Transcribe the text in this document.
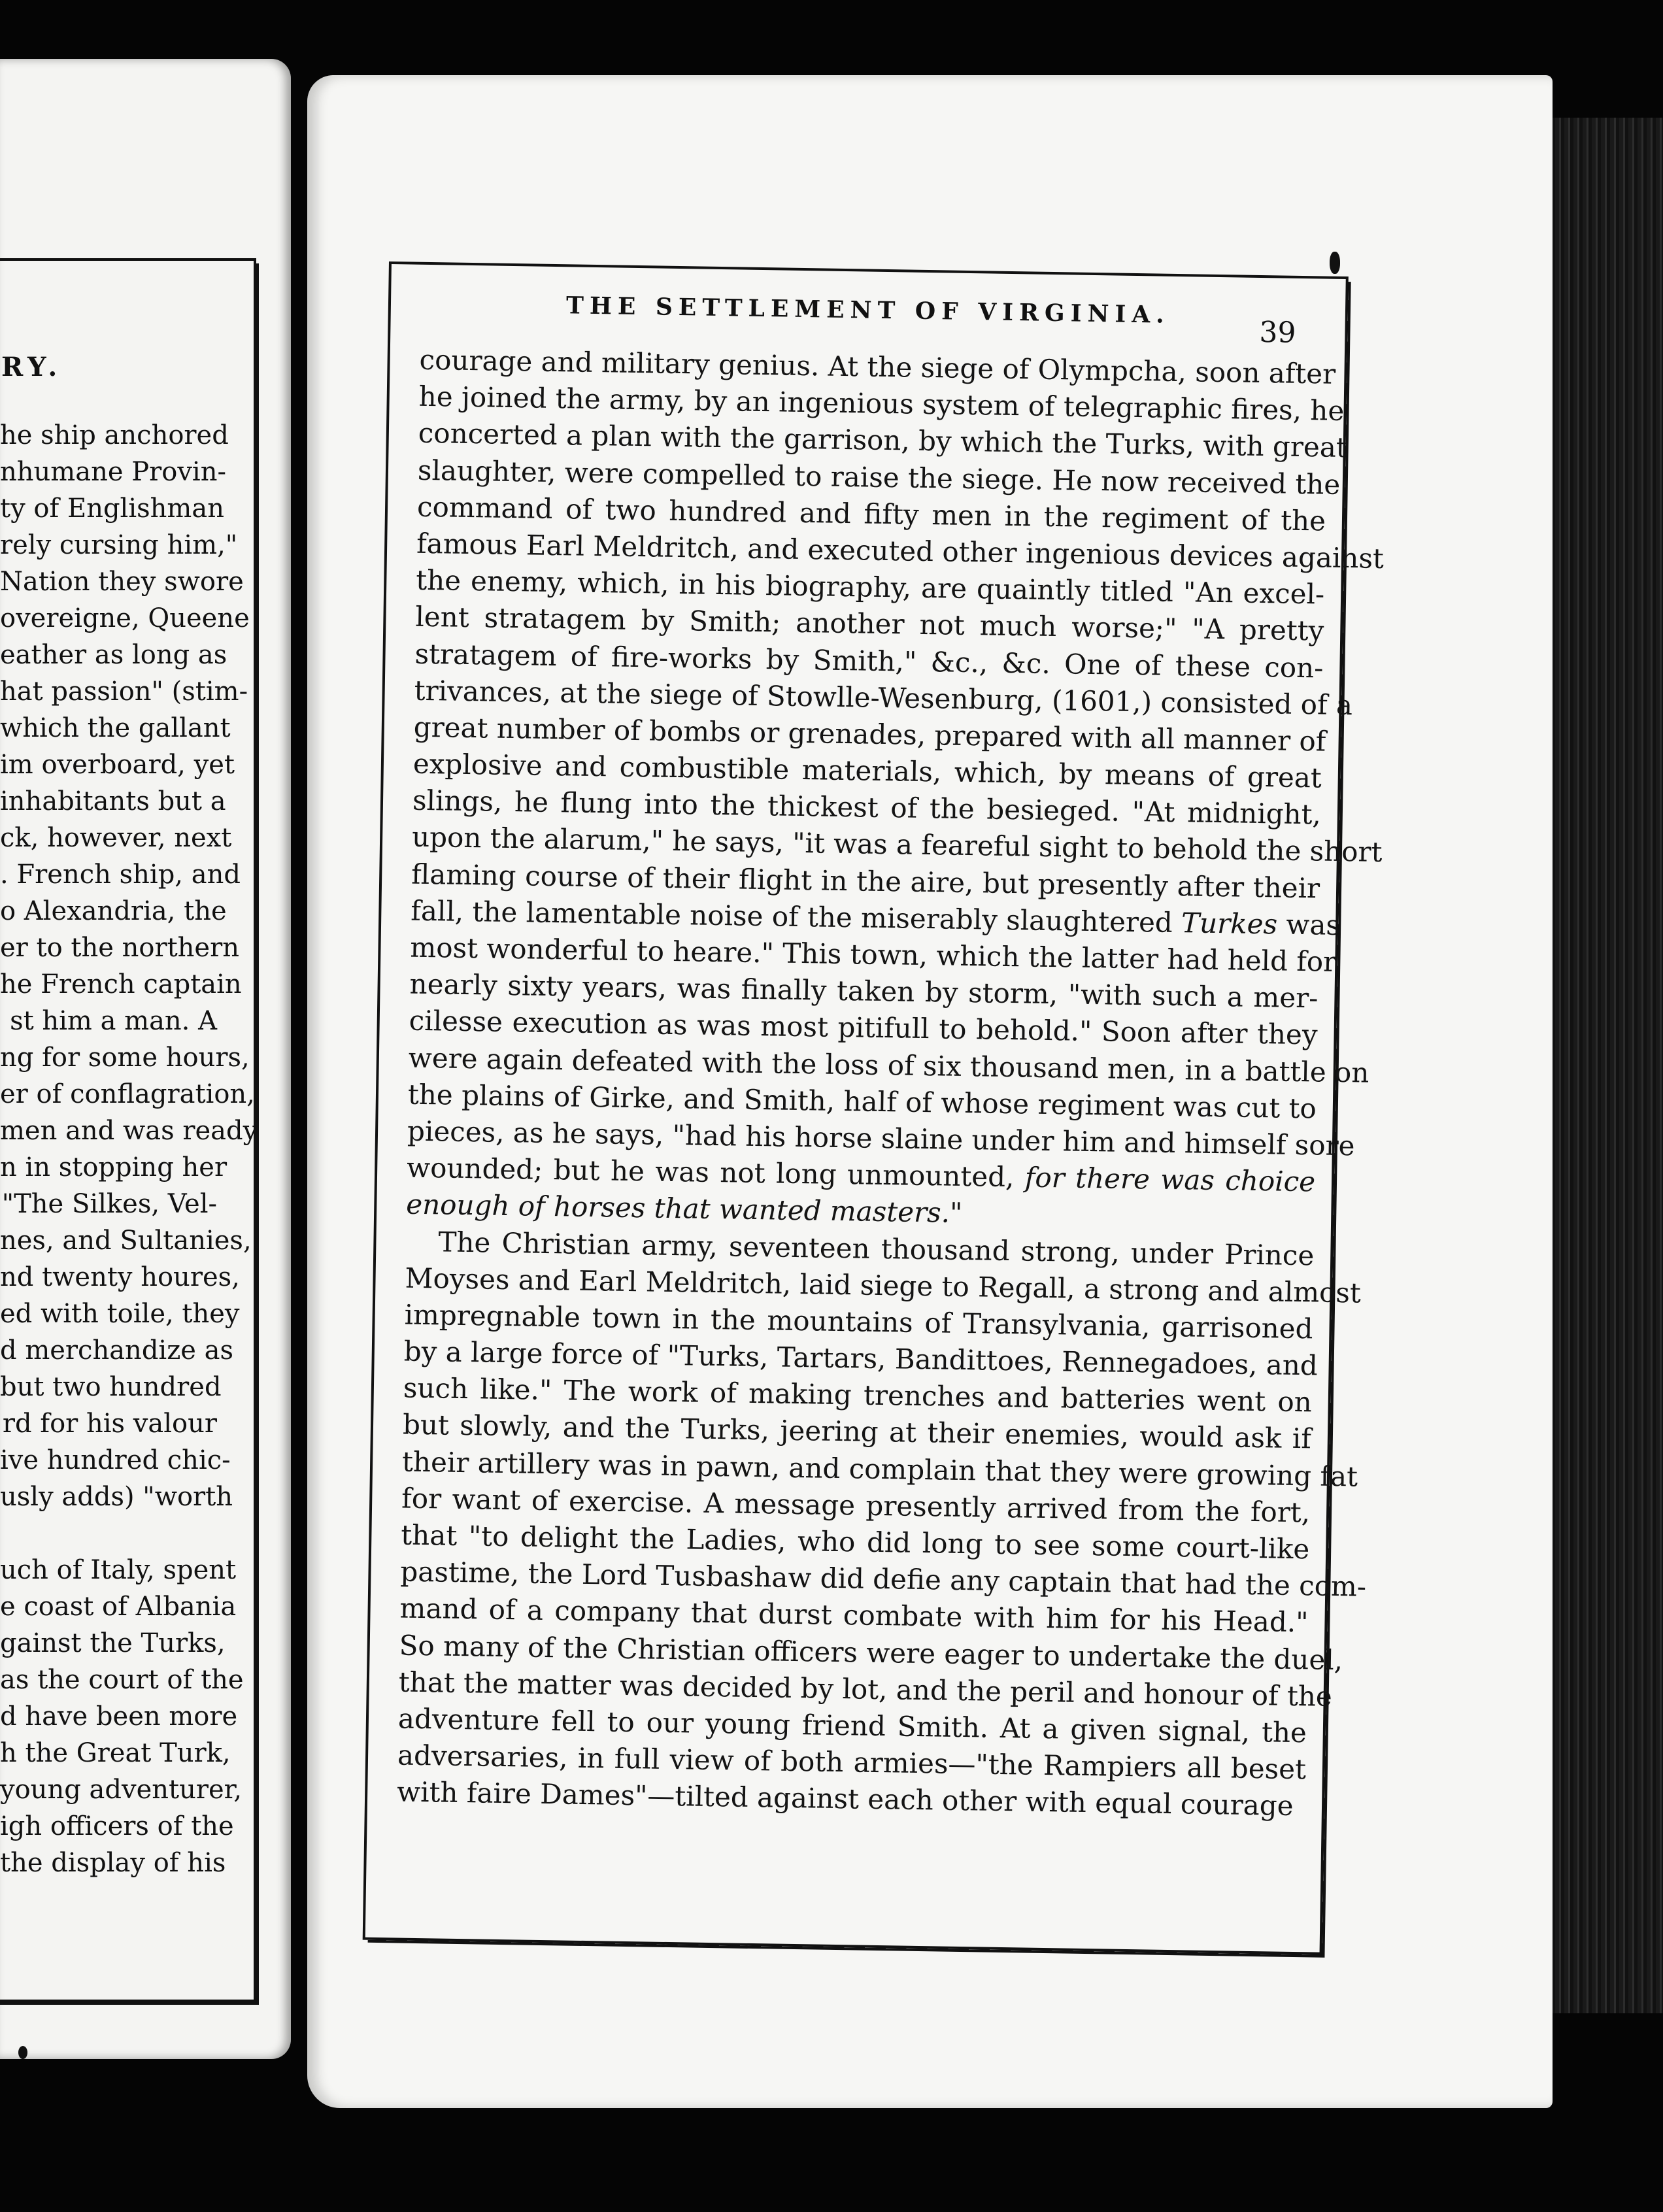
RY.
he ship anchored
nhumane Provin-
ty of Englishman
rely cursing him,"
Nation they swore
overeigne, Queene
eather as long as
hat passion" (stim-
which the gallant
im overboard, yet
inhabitants but a
ck, however, next
. French ship, and
o Alexandria, the
er to the northern
he French captain
st him a man. A
ng for some hours,
er of conflagration,
men and was ready
n in stopping her
"The Silkes, Vel-
nes, and Sultanies,
nd twenty houres,
ed with toile, they
d merchandize as
but two hundred
rd for his valour
ive hundred chic-
usly adds) "worth
uch of Italy, spent
e coast of Albania
gainst the Turks,
as the court of the
d have been more
h the Great Turk,
young adventurer,
igh officers of the
the display of his
THE SETTLEMENT OF VIRGINIA.
39
courage and military genius. At the siege of Olympcha, soon after
he joined the army, by an ingenious system of telegraphic fires, he
concerted a plan with the garrison, by which the Turks, with great
slaughter, were compelled to raise the siege. He now received the
command of two hundred and fifty men in the regiment of the
famous Earl Meldritch, and executed other ingenious devices against
the enemy, which, in his biography, are quaintly titled "An excel-
lent stratagem by Smith; another not much worse;" "A pretty
stratagem of fire-works by Smith," &c., &c. One of these con-
trivances, at the siege of Stowlle-Wesenburg, (1601,) consisted of a
great number of bombs or grenades, prepared with all manner of
explosive and combustible materials, which, by means of great
slings, he flung into the thickest of the besieged. "At midnight,
upon the alarum," he says, "it was a feareful sight to behold the short
flaming course of their flight in the aire, but presently after their
fall, the lamentable noise of the miserably slaughtered Turkes was
most wonderful to heare." This town, which the latter had held for
nearly sixty years, was finally taken by storm, "with such a mer-
cilesse execution as was most pitifull to behold." Soon after they
were again defeated with the loss of six thousand men, in a battle on
the plains of Girke, and Smith, half of whose regiment was cut to
pieces, as he says, "had his horse slaine under him and himself sore
wounded; but he was not long unmounted, for there was choice
enough of horses that wanted masters."
The Christian army, seventeen thousand strong, under Prince
Moyses and Earl Meldritch, laid siege to Regall, a strong and almost
impregnable town in the mountains of Transylvania, garrisoned
by a large force of "Turks, Tartars, Bandittoes, Rennegadoes, and
such like." The work of making trenches and batteries went on
but slowly, and the Turks, jeering at their enemies, would ask if
their artillery was in pawn, and complain that they were growing fat
for want of exercise. A message presently arrived from the fort,
that "to delight the Ladies, who did long to see some court-like
pastime, the Lord Tusbashaw did defie any captain that had the com-
mand of a company that durst combate with him for his Head."
So many of the Christian officers were eager to undertake the duel,
that the matter was decided by lot, and the peril and honour of the
adventure fell to our young friend Smith. At a given signal, the
adversaries, in full view of both armies—"the Rampiers all beset
with faire Dames"—tilted against each other with equal courage
